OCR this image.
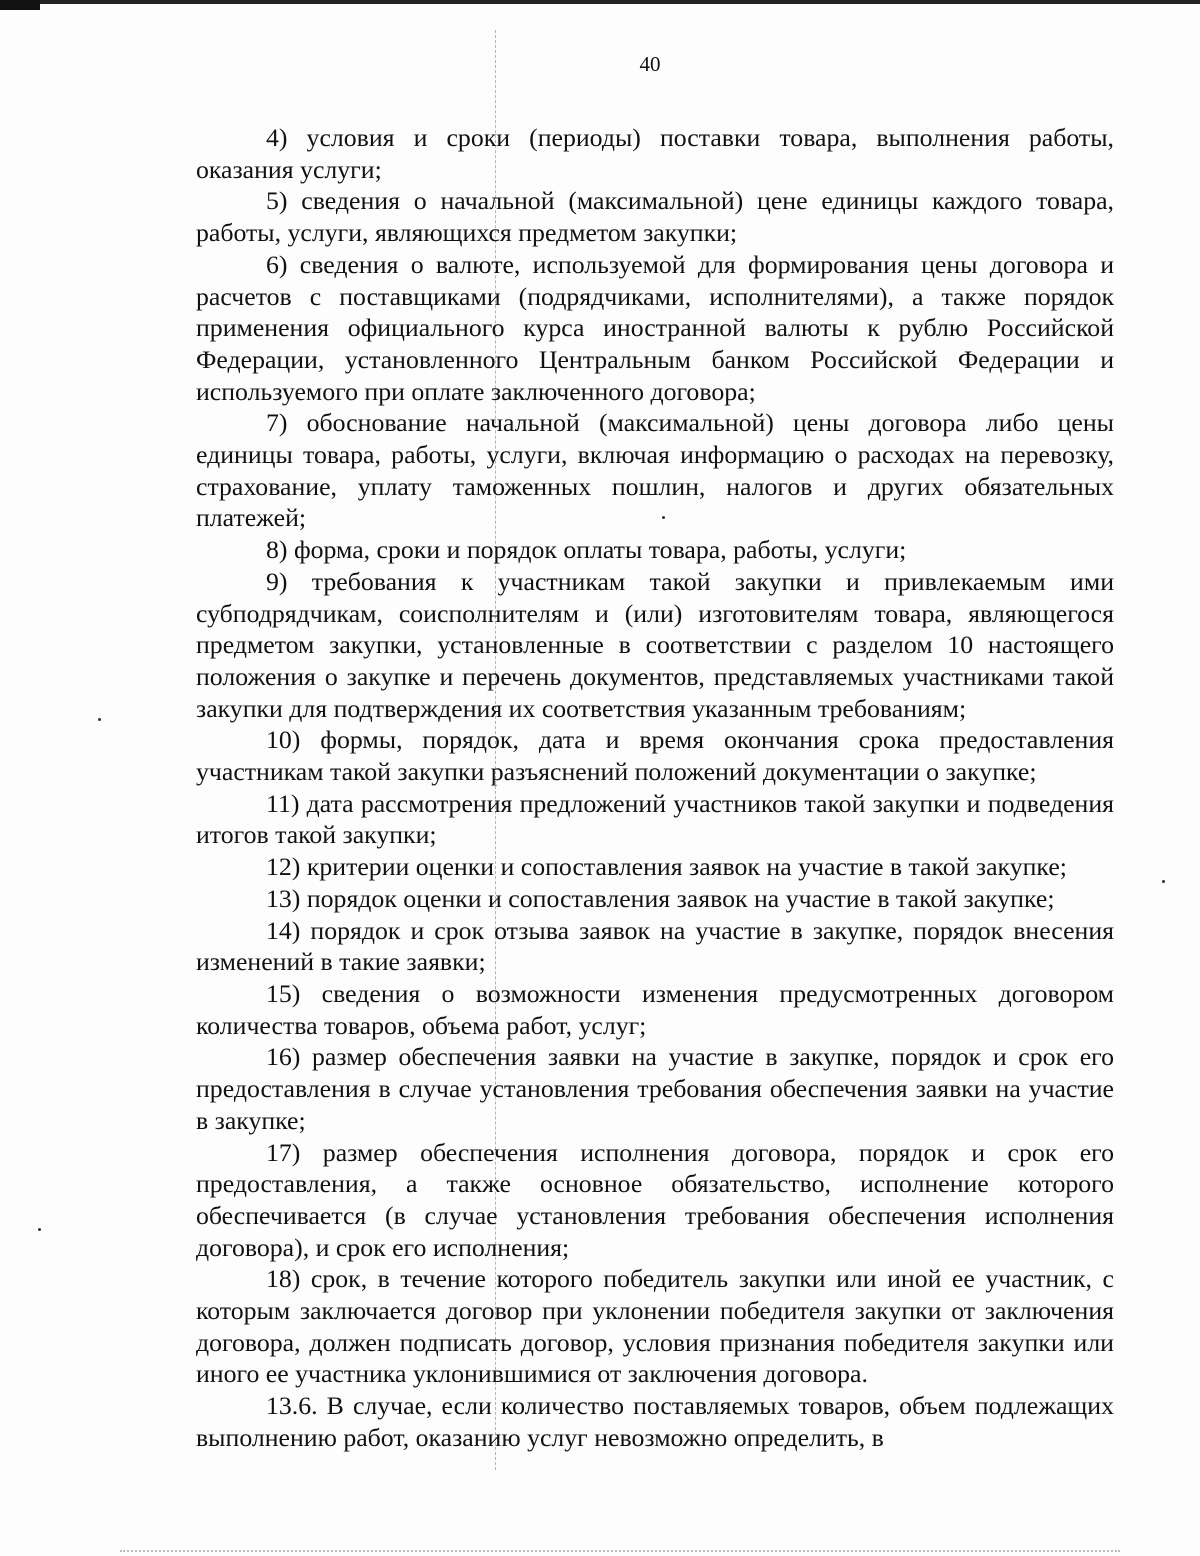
40

4) условия и сроки (периоды) поставки товара, выполнения работы, оказания услуги;

5) сведения о начальной (максимальной) цене единицы каждого товара, работы, услуги, являющихся предметом закупки;

6) сведения о валюте, используемой для формирования цены договора и расчетов с поставщиками (подрядчиками, исполнителями), а также порядок применения официального курса иностранной валюты к рублю Российской Федерации, установленного Центральным банком Российской Федерации и используемого при оплате заключенного договора;

7) обоснование начальной (максимальной) цены договора либо цены единицы товара, работы, услуги, включая информацию о расходах на перевозку, страхование, уплату таможенных пошлин, налогов и других обязательных платежей;

8) форма, сроки и порядок оплаты товара, работы, услуги;

9) требования к участникам такой закупки и привлекаемым ими субподрядчикам, соисполнителям и (или) изготовителям товара, являющегося предметом закупки, установленные в соответствии с разделом 10 настоящего положения о закупке и перечень документов, представляемых участниками такой закупки для подтверждения их соответствия указанным требованиям;

10) формы, порядок, дата и время окончания срока предоставления участникам такой закупки разъяснений положений документации о закупке;

11) дата рассмотрения предложений участников такой закупки и подведения итогов такой закупки;

12) критерии оценки и сопоставления заявок на участие в такой закупке;

13) порядок оценки и сопоставления заявок на участие в такой закупке;

14) порядок и срок отзыва заявок на участие в закупке, порядок внесения изменений в такие заявки;

15) сведения о возможности изменения предусмотренных договором количества товаров, объема работ, услуг;

16) размер обеспечения заявки на участие в закупке, порядок и срок его предоставления в случае установления требования обеспечения заявки на участие в закупке;

17) размер обеспечения исполнения договора, порядок и срок его предоставления, а также основное обязательство, исполнение которого обеспечивается (в случае установления требования обеспечения исполнения договора), и срок его исполнения;

18) срок, в течение которого победитель закупки или иной ее участник, с которым заключается договор при уклонении победителя закупки от заключения договора, должен подписать договор, условия признания победителя закупки или иного ее участника уклонившимися от заключения договора.

13.6. В случае, если количество поставляемых товаров, объем подлежащих выполнению работ, оказанию услуг невозможно определить, в
